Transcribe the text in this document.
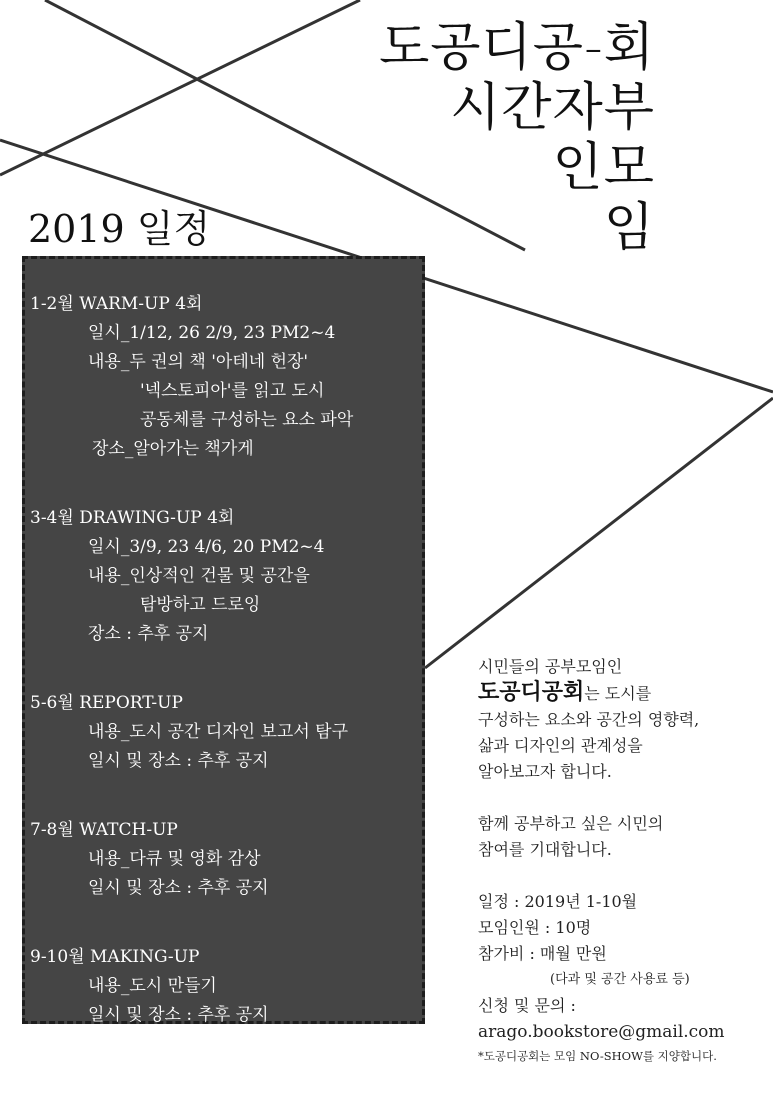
도공디공-회
시간자부
인모
임
2019 일정
1-2월 WARM-UP 4회
일시_1/12, 26 2/9, 23 PM2~4
내용_두 권의 책 '아테네 헌장'
'넥스토피아'를 읽고 도시
공동체를 구성하는 요소 파악
장소_알아가는 책가게
3-4월 DRAWING-UP 4회
일시_3/9, 23 4/6, 20 PM2~4
내용_인상적인 건물 및 공간을
탐방하고 드로잉
장소 : 추후 공지
5-6월 REPORT-UP
내용_도시 공간 디자인 보고서 탐구
일시 및 장소 : 추후 공지
7-8월 WATCH-UP
내용_다큐 및 영화 감상
일시 및 장소 : 추후 공지
9-10월 MAKING-UP
내용_도시 만들기
일시 및 장소 : 추후 공지
시민들의 공부모임인
도공디공회는 도시를
구성하는 요소와 공간의 영향력,
삶과 디자인의 관계성을
알아보고자 합니다.
함께 공부하고 싶은 시민의
참여를 기대합니다.
일정 : 2019년 1-10월
모임인원 : 10명
참가비 : 매월 만원
(다과 및 공간 사용료 등)
신청 및 문의 :
arago.bookstore@gmail.com
*도공디공회는 모임 NO-SHOW를 지양합니다.
